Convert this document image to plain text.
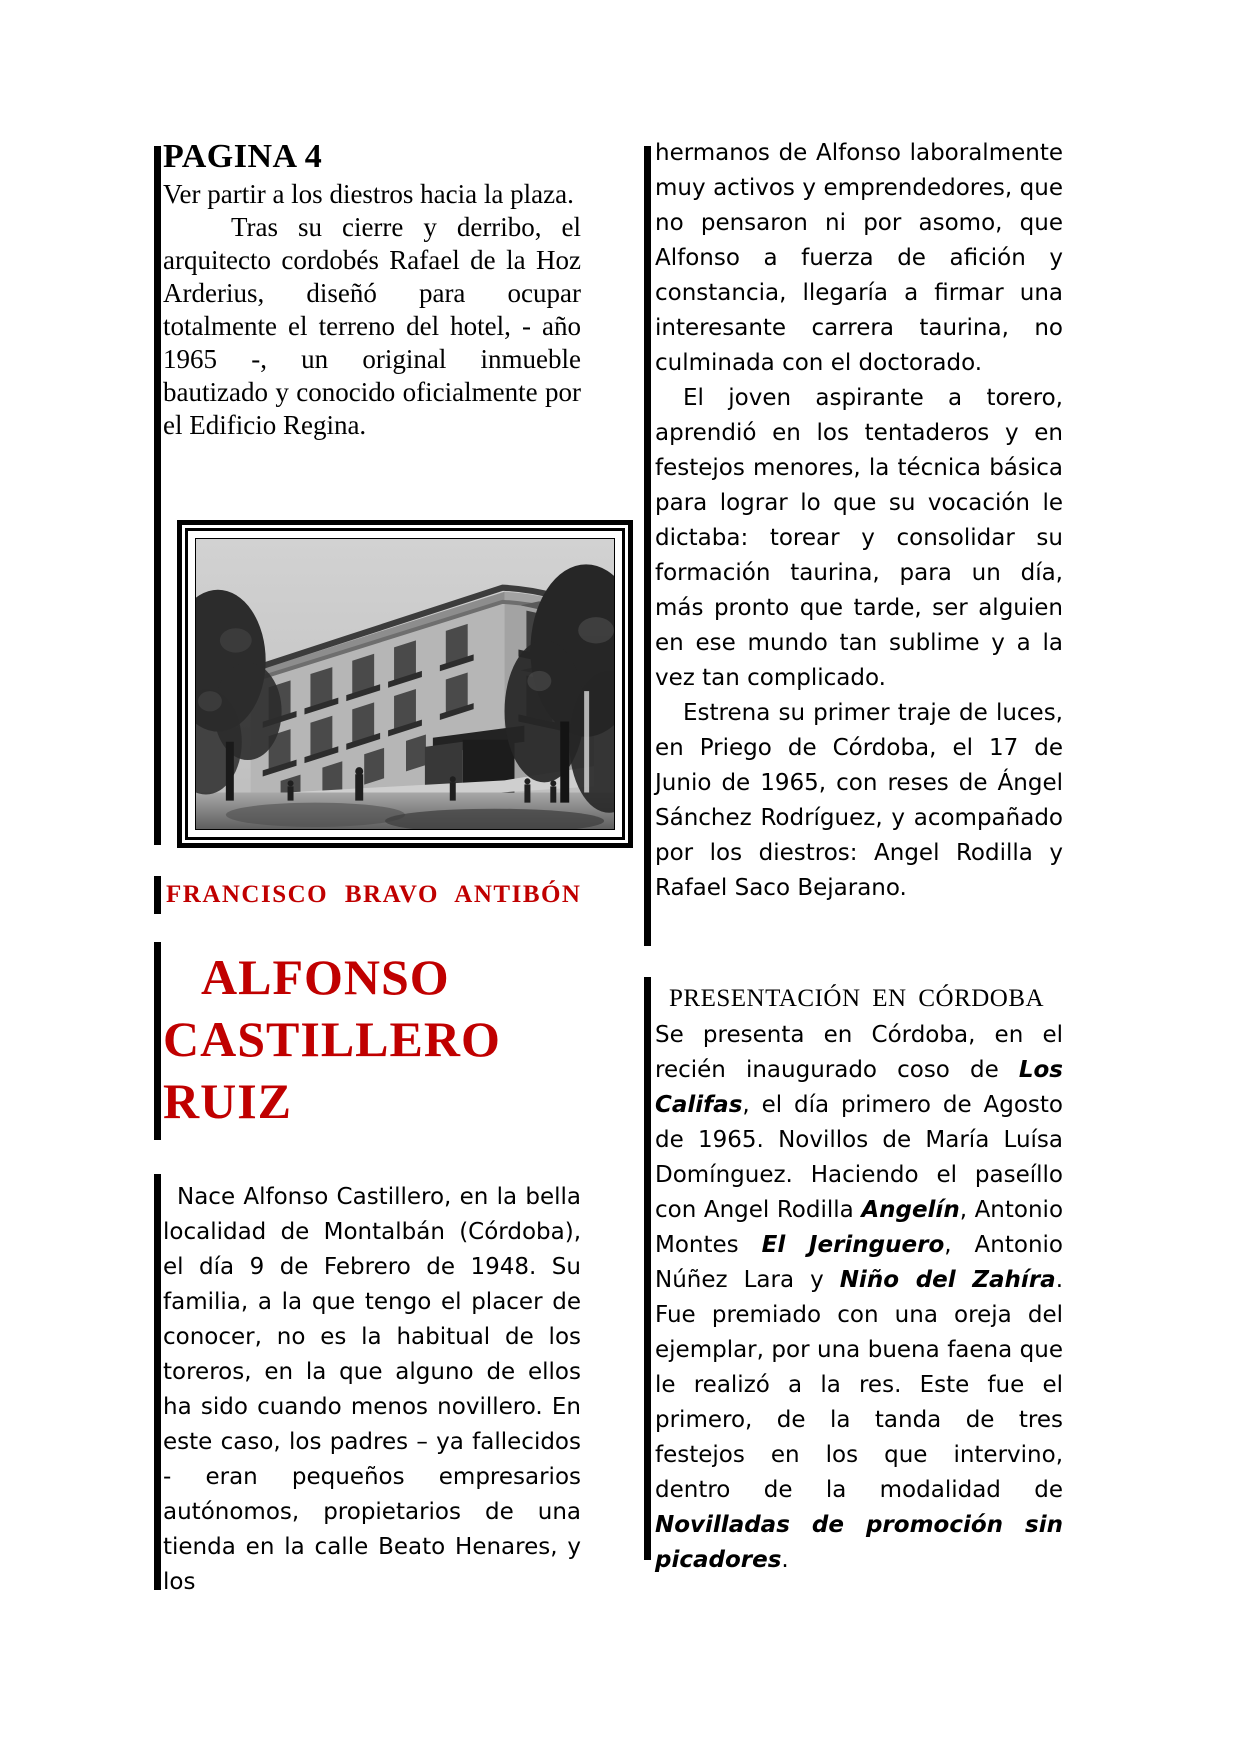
PAGINA 4

Ver partir a los diestros hacia la plaza.

Tras su cierre y derribo, el arquitecto cordobés Rafael de la Hoz Arderius, diseñó para ocupar totalmente el terreno del hotel, - año 1965 -, un original inmueble bautizado y conocido oficialmente por el Edificio Regina.

FRANCISCO BRAVO ANTIBÓN
ALFONSO CASTILLERO RUIZ

Nace Alfonso Castillero, en la bella localidad de Montalbán (Córdoba), el día 9 de Febrero de 1948. Su familia, a la que tengo el placer de conocer, no es la habitual de los toreros, en la que alguno de ellos ha sido cuando menos novillero. En este caso, los padres – ya fallecidos - eran pequeños empresarios autónomos, propietarios de una tienda en la calle Beato Henares, y los

hermanos de Alfonso laboralmente muy activos y emprendedores, que no pensaron ni por asomo, que Alfonso a fuerza de afición y constancia, llegaría a firmar una interesante carrera taurina, no culminada con el doctorado.

El joven aspirante a torero, aprendió en los tentaderos y en festejos menores, la técnica básica para lograr lo que su vocación le dictaba: torear y consolidar su formación taurina, para un día, más pronto que tarde, ser alguien en ese mundo tan sublime y a la vez tan complicado.

Estrena su primer traje de luces, en Priego de Córdoba, el 17 de Junio de 1965, con reses de Ángel Sánchez Rodríguez, y acompañado por los diestros: Angel Rodilla y Rafael Saco Bejarano.

PRESENTACIÓN EN CÓRDOBA

Se presenta en Córdoba, en el recién inaugurado coso de Los Califas, el día primero de Agosto de 1965. Novillos de María Luísa Domínguez. Haciendo el paseíllo con Angel Rodilla Angelín, Antonio Montes El Jeringuero, Antonio Núñez Lara y Niño del Zahíra. Fue premiado con una oreja del ejemplar, por una buena faena que le realizó a la res. Este fue el primero, de la tanda de tres festejos en los que intervino, dentro de la modalidad de Novilladas de promoción sin picadores.
